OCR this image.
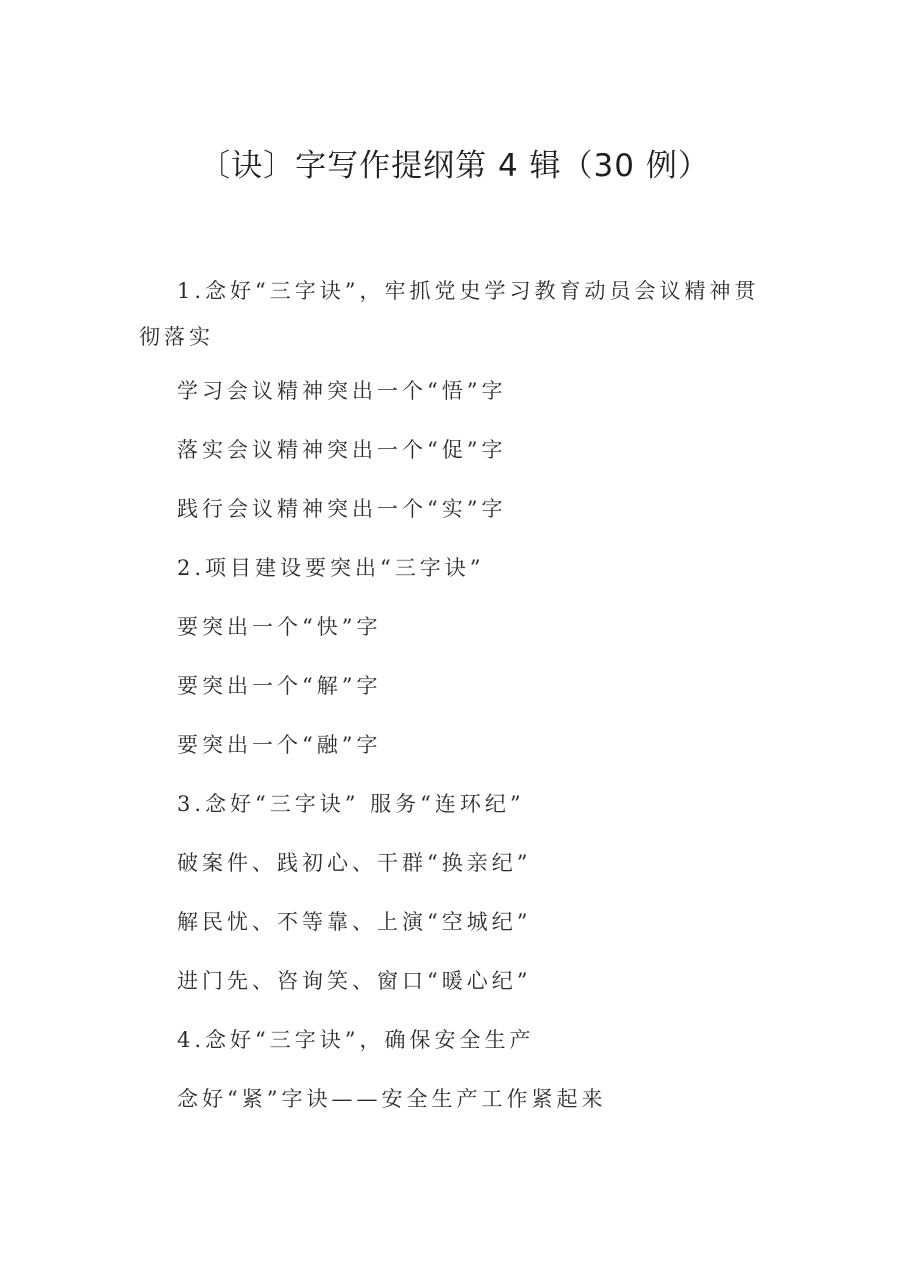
〔诀〕字写作提纲第 4 辑（30 例）

1.念好“三字诀”，牢抓党史学习教育动员会议精神贯彻落实

学习会议精神突出一个“悟”字

落实会议精神突出一个“促”字

践行会议精神突出一个“实”字

2.项目建设要突出“三字诀”

要突出一个“快”字

要突出一个“解”字

要突出一个“融”字

3.念好“三字诀” 服务“连环纪”

破案件、践初心、干群“换亲纪”

解民忧、不等靠、上演“空城纪”

进门先、咨询笑、窗口“暖心纪”

4.念好“三字诀”，确保安全生产

念好“紧”字诀——安全生产工作紧起来
